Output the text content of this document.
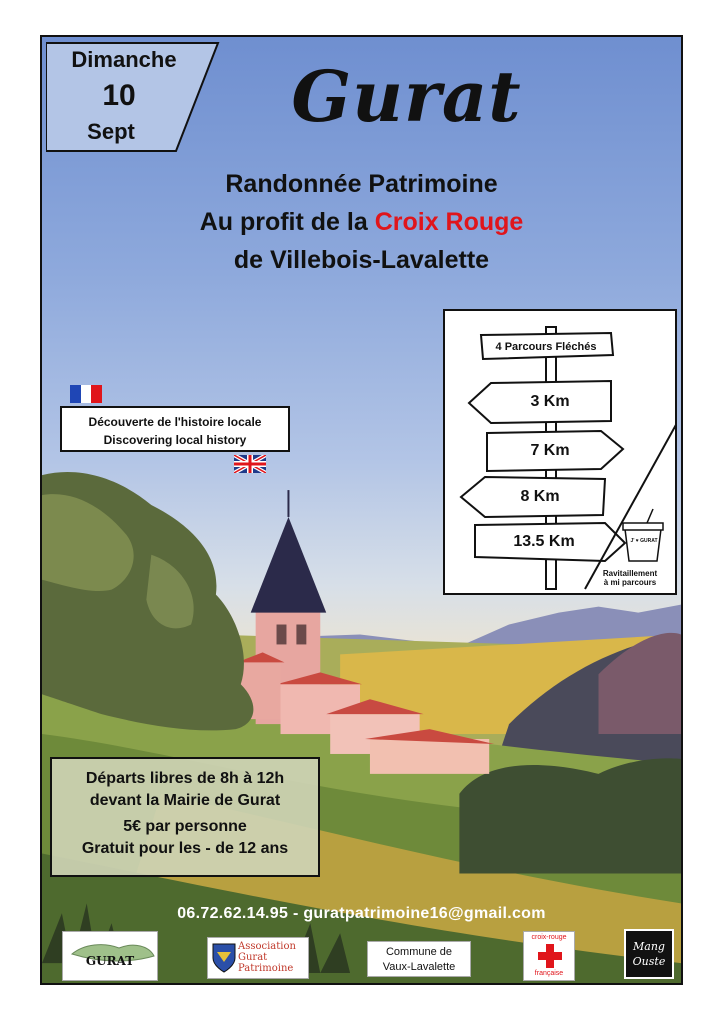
Dimanche
10
Sept	Gurat
Randonnée Patrimoine
Au profit de la Croix Rouge
de Villebois-Lavalette
Découverte de l'histoire locale
Discovering local history
4 Parcours Fléchés
3 Km
7 Km
8 Km
13.5 Km	J' ♥ GURAT
Ravitaillement
à mi parcours
Départs libres de 8h à 12h
devant la Mairie de Gurat
5€ par personne
Gratuit pour les - de 12 ans
06.72.62.14.95 - guratpatrimoine16@gmail.com
GURAT
Association
Gurat
Patrimoine
Commune de
Vaux-Lavalette
croix-rouge
française
Mang
Ouste
